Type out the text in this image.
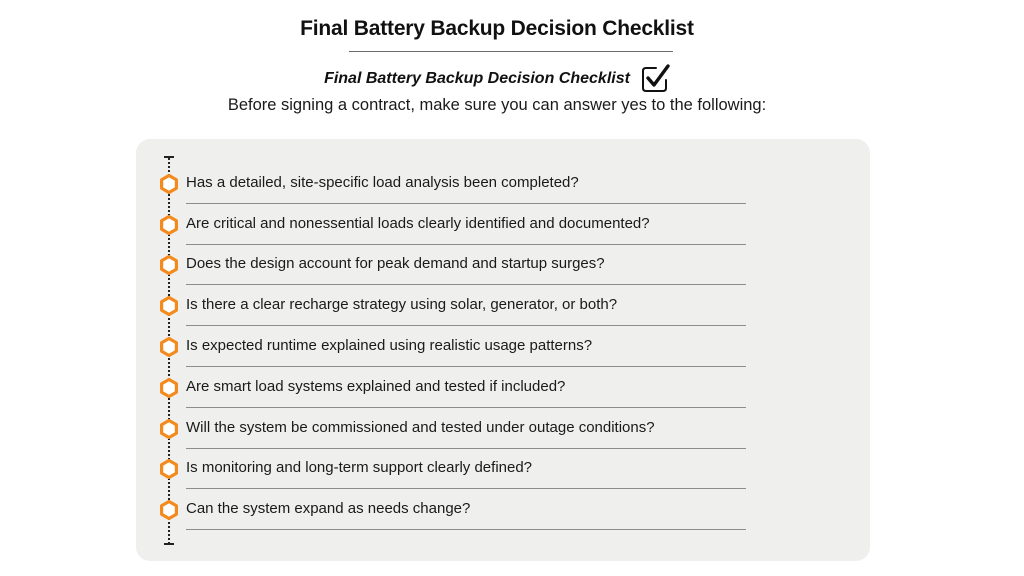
Final Battery Backup Decision Checklist
Final Battery Backup Decision Checklist
Before signing a contract, make sure you can answer yes to the following:
Has a detailed, site-specific load analysis been completed?
Are critical and nonessential loads clearly identified and documented?
Does the design account for peak demand and startup surges?
Is there a clear recharge strategy using solar, generator, or both?
Is expected runtime explained using realistic usage patterns?
Are smart load systems explained and tested if included?
Will the system be commissioned and tested under outage conditions?
Is monitoring and long-term support clearly defined?
Can the system expand as needs change?
